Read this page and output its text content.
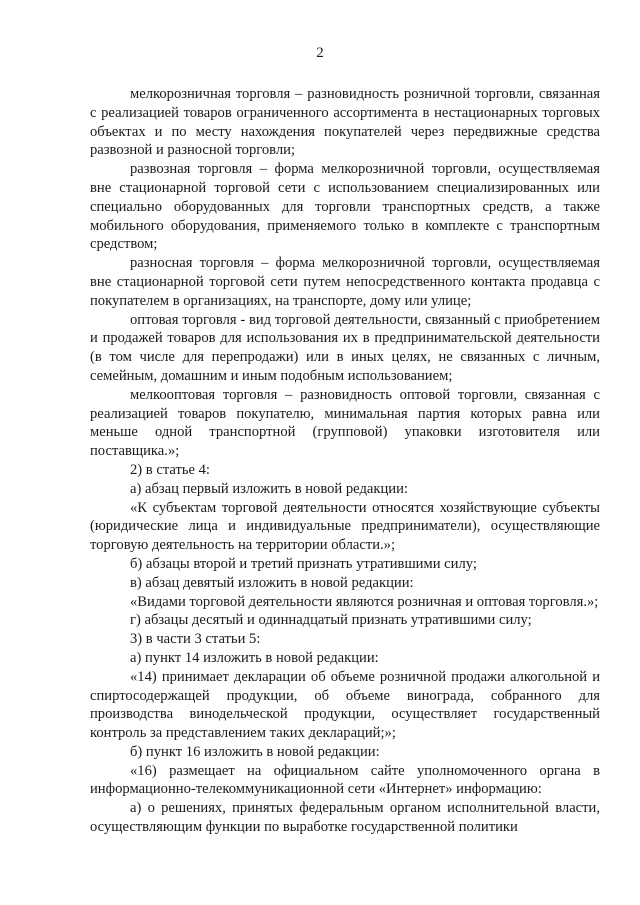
2

мелкорозничная торговля – разновидность розничной торговли, связанная с реализацией товаров ограниченного ассортимента в нестационарных торговых объектах и по месту нахождения покупателей через передвижные средства развозной и разносной торговли;

развозная торговля – форма мелкорозничной торговли, осуществляемая вне стационарной торговой сети с использованием специализированных или специально оборудованных для торговли транспортных средств, а также мобильного оборудования, применяемого только в комплекте с транспортным средством;

разносная торговля – форма мелкорозничной торговли, осуществляемая вне стационарной торговой сети путем непосредственного контакта продавца с покупателем в организациях, на транспорте, дому или улице;

оптовая торговля - вид торговой деятельности, связанный с приобретением и продажей товаров для использования их в предпринимательской деятельности (в том числе для перепродажи) или в иных целях, не связанных с личным, семейным, домашним и иным подобным использованием;

мелкооптовая торговля – разновидность оптовой торговли, связанная с реализацией товаров покупателю, минимальная партия которых равна или меньше одной транспортной (групповой) упаковки изготовителя или поставщика.»;

2) в статье 4:

а) абзац первый изложить в новой редакции:

«К субъектам торговой деятельности относятся хозяйствующие субъекты (юридические лица и индивидуальные предприниматели), осуществляющие торговую деятельность на территории области.»;

б) абзацы второй и третий признать утратившими силу;

в) абзац девятый изложить в новой редакции:

«Видами торговой деятельности являются розничная и оптовая торговля.»;

г) абзацы десятый и одиннадцатый признать утратившими силу;

3) в части 3 статьи 5:

а) пункт 14 изложить в новой редакции:

«14) принимает декларации об объеме розничной продажи алкогольной и спиртосодержащей продукции, об объеме винограда, собранного для производства винодельческой продукции, осуществляет государственный контроль за представлением таких деклараций;»;

б) пункт 16 изложить в новой редакции:

«16) размещает на официальном сайте уполномоченного органа в информационно-телекоммуникационной сети «Интернет» информацию:

а) о решениях, принятых федеральным органом исполнительной власти, осуществляющим функции по выработке государственной политики
